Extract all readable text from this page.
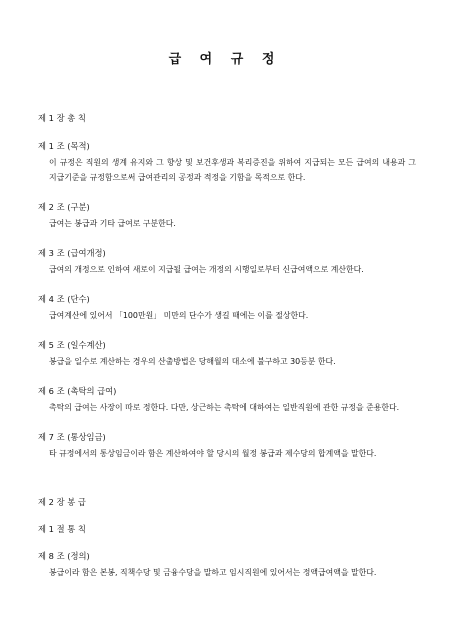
급 여 규 정
제 1 장 총 칙
제 1 조 (목적)
이 규정은 직원의 생계 유지와 그 향상 및 보건후생과 복리증진을 위하여 지급되는 모든 급여의 내용과 그 지급기준을 규정함으로써 급여관리의 공정과 적정을 기함을 목적으로 한다.
제 2 조 (구분)
급여는 봉급과 기타 급여로 구분한다.
제 3 조 (급여개정)
급여의 개정으로 인하여 새로이 지급될 급여는 개정의 시행일로부터 신급여액으로 계산한다.
제 4 조 (단수)
급여계산에 있어서 「100만원」 미만의 단수가 생길 때에는 이를 절상한다.
제 5 조 (일수계산)
봉급을 일수로 계산하는 경우의 산출방법은 당해월의 대소에 불구하고 30등분 한다.
제 6 조 (촉탁의 급여)
촉탁의 급여는 사장이 따로 정한다. 다만, 상근하는 촉탁에 대하여는 일반직원에 관한 규정을 준용한다.
제 7 조 (통상임금)
타 규정에서의 통상임금이라 함은 계산하여야 할 당시의 월정 봉급과 제수당의 합계액을 말한다.
제 2 장 봉 급
제 1 절 통 칙
제 8 조 (정의)
봉급이라 함은 본봉, 직책수당 및 금융수당을 말하고 임시직원에 있어서는 정액급여액을 말한다.
